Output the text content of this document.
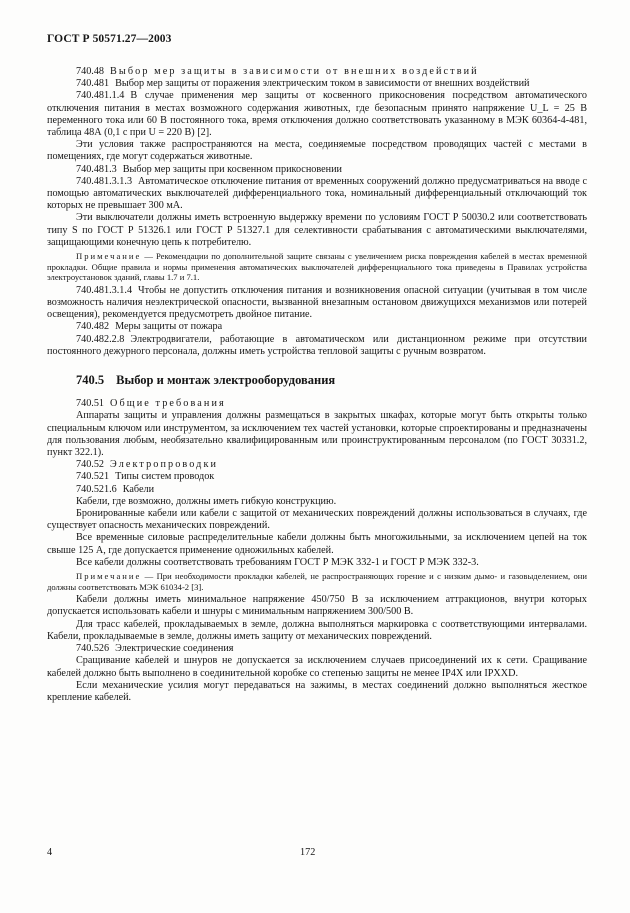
ГОСТ Р 50571.27—2003

740.48 Выбор мер защиты в зависимости от внешних воздействий

740.481 Выбор мер защиты от поражения электрическим током в зависимости от внешних воздействий

740.481.1.4 В случае применения мер защиты от косвенного прикосновения посредством автоматического отключения питания в местах возможного содержания животных, где безопасным принято напряжение U_L = 25 В переменного тока или 60 В постоянного тока, время отключения должно соответствовать указанному в МЭК 60364-4-481, таблица 48А (0,1 с при U = 220 В) [2].

Эти условия также распространяются на места, соединяемые посредством проводящих частей с местами в помещениях, где могут содержаться животные.

740.481.3 Выбор мер защиты при косвенном прикосновении

740.481.3.1.3 Автоматическое отключение питания от временных сооружений должно предусматриваться на вводе с помощью автоматических выключателей дифференциального тока, номинальный дифференциальный отключающий ток которых не превышает 300 мА.

Эти выключатели должны иметь встроенную выдержку времени по условиям ГОСТ Р 50030.2 или соответствовать типу S по ГОСТ Р 51326.1 или ГОСТ Р 51327.1 для селективности срабатывания с автоматическими выключателями, защищающими конечную цепь к потребителю.

Примечание — Рекомендации по дополнительной защите связаны с увеличением риска повреждения кабелей в местах временной прокладки. Общие правила и нормы применения автоматических выключателей дифференциального тока приведены в Правилах устройства электроустановок зданий, главы 1.7 и 7.1.

740.481.3.1.4 Чтобы не допустить отключения питания и возникновения опасной ситуации (учитывая в том числе возможность наличия неэлектрической опасности, вызванной внезапным остановом движущихся механизмов или потерей освещения), рекомендуется предусмотреть двойное питание.

740.482 Меры защиты от пожара

740.482.2.8 Электродвигатели, работающие в автоматическом или дистанционном режиме при отсутствии постоянного дежурного персонала, должны иметь устройства тепловой защиты с ручным возвратом.

740.5 Выбор и монтаж электрооборудования

740.51 Общие требования

Аппараты защиты и управления должны размещаться в закрытых шкафах, которые могут быть открыты только специальным ключом или инструментом, за исключением тех частей установки, которые спроектированы и предназначены для пользования любым, необязательно квалифицированным или проинструктированным персоналом (по ГОСТ 30331.2, пункт 322.1).

740.52 Электропроводки

740.521 Типы систем проводок

740.521.6 Кабели

Кабели, где возможно, должны иметь гибкую конструкцию.

Бронированные кабели или кабели с защитой от механических повреждений должны использоваться в случаях, где существует опасность механических повреждений.

Все временные силовые распределительные кабели должны быть многожильными, за исключением цепей на ток свыше 125 А, где допускается применение одножильных кабелей.

Все кабели должны соответствовать требованиям ГОСТ Р МЭК 332-1 и ГОСТ Р МЭК 332-3.

Примечание — При необходимости прокладки кабелей, не распространяющих горение и с низким дымо- и газовыделением, они должны соответствовать МЭК 61034-2 [3].

Кабели должны иметь минимальное напряжение 450/750 В за исключением аттракционов, внутри которых допускается использовать кабели и шнуры с минимальным напряжением 300/500 В.

Для трасс кабелей, прокладываемых в земле, должна выполняться маркировка с соответствующими интервалами. Кабели, прокладываемые в земле, должны иметь защиту от механических повреждений.

740.526 Электрические соединения

Сращивание кабелей и шнуров не допускается за исключением случаев присоединений их к сети. Сращивание кабелей должно быть выполнено в соединительной коробке со степенью защиты не менее IP4X или IPXXD.

Если механические усилия могут передаваться на зажимы, в местах соединений должно выполняться жесткое крепление кабелей.

4	172
